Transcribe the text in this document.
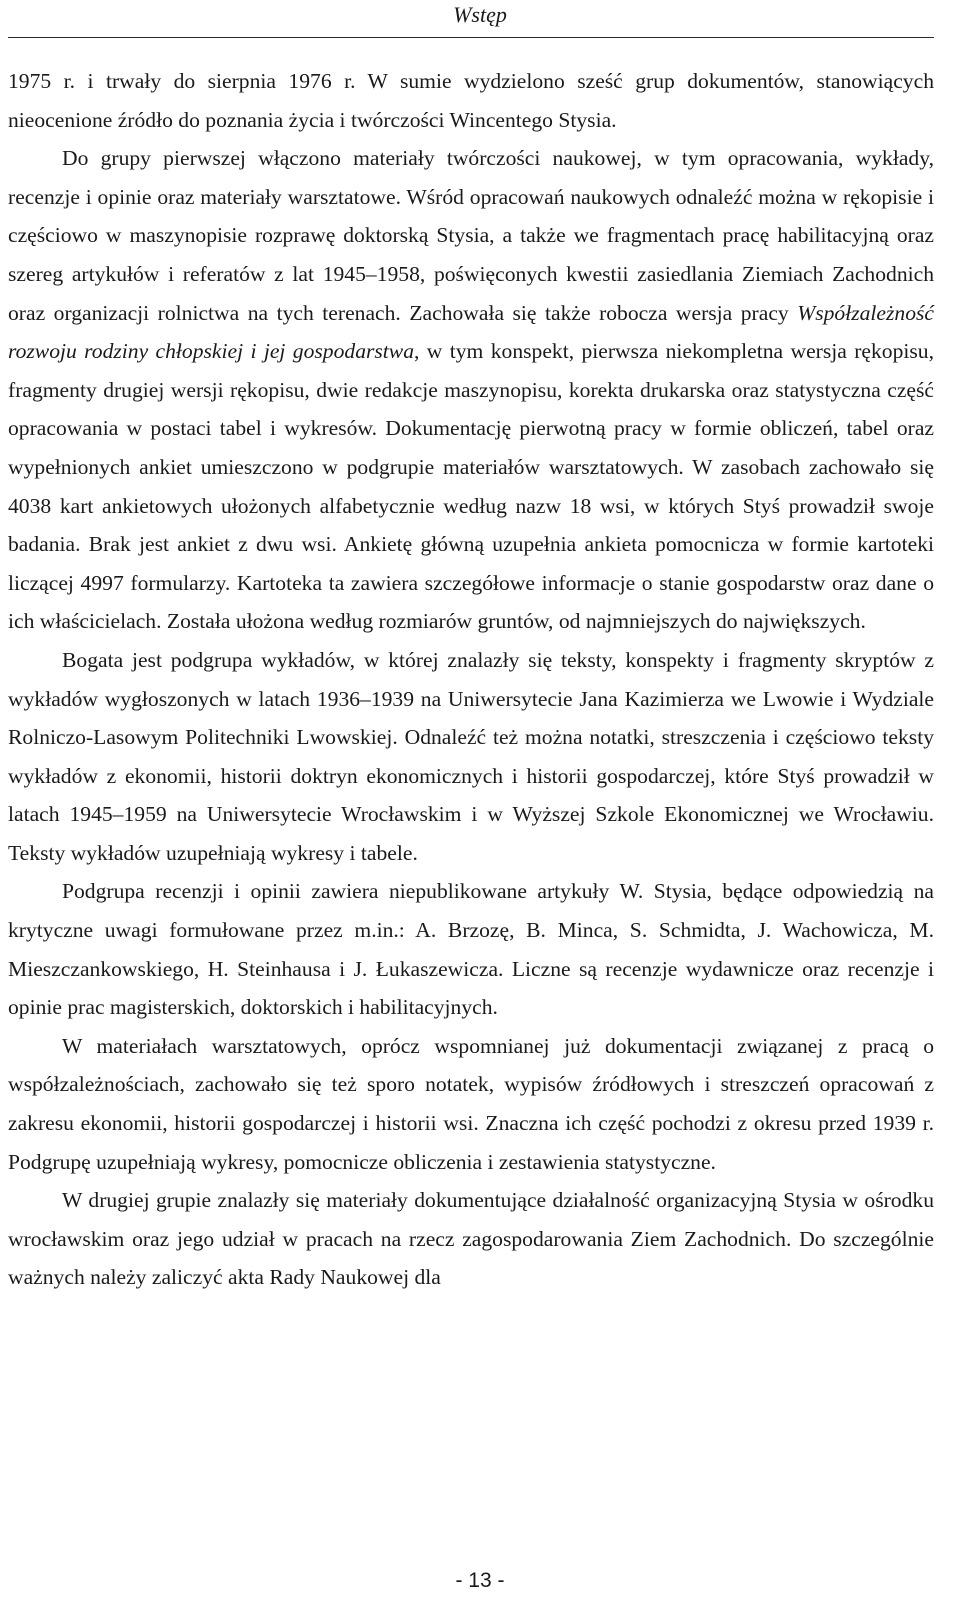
Wstęp

1975 r. i trwały do sierpnia 1976 r. W sumie wydzielono sześć grup dokumentów, stanowiących nieocenione źródło do poznania życia i twórczości Wincentego Stysia.

Do grupy pierwszej włączono materiały twórczości naukowej, w tym opracowania, wykłady, recenzje i opinie oraz materiały warsztatowe. Wśród opracowań naukowych odnaleźć można w rękopisie i częściowo w maszynopisie rozprawę doktorską Stysia, a także we fragmentach pracę habilitacyjną oraz szereg artykułów i referatów z lat 1945–1958, poświęconych kwestii zasiedlania Ziemiach Zachodnich oraz organizacji rolnictwa na tych terenach. Zachowała się także robocza wersja pracy Współzależność rozwoju rodziny chłopskiej i jej gospodarstwa, w tym konspekt, pierwsza niekompletna wersja rękopisu, fragmenty drugiej wersji rękopisu, dwie redakcje maszynopisu, korekta drukarska oraz statystyczna część opracowania w postaci tabel i wykresów. Dokumentację pierwotną pracy w formie obliczeń, tabel oraz wypełnionych ankiet umieszczono w podgrupie materiałów warsztatowych. W zasobach zachowało się 4038 kart ankietowych ułożonych alfabetycznie według nazw 18 wsi, w których Styś prowadził swoje badania. Brak jest ankiet z dwu wsi. Ankietę główną uzupełnia ankieta pomocnicza w formie kartoteki liczącej 4997 formularzy. Kartoteka ta zawiera szczegółowe informacje o stanie gospodarstw oraz dane o ich właścicielach. Została ułożona według rozmiarów gruntów, od najmniejszych do największych.

Bogata jest podgrupa wykładów, w której znalazły się teksty, konspekty i fragmenty skryptów z wykładów wygłoszonych w latach 1936–1939 na Uniwersytecie Jana Kazimierza we Lwowie i Wydziale Rolniczo-Lasowym Politechniki Lwowskiej. Odnaleźć też można notatki, streszczenia i częściowo teksty wykładów z ekonomii, historii doktryn ekonomicznych i historii gospodarczej, które Styś prowadził w latach 1945–1959 na Uniwersytecie Wrocławskim i w Wyższej Szkole Ekonomicznej we Wrocławiu. Teksty wykładów uzupełniają wykresy i tabele.

Podgrupa recenzji i opinii zawiera niepublikowane artykuły W. Stysia, będące odpowiedzią na krytyczne uwagi formułowane przez m.in.: A. Brzozę, B. Minca, S. Schmidta, J. Wachowicza, M. Mieszczankowskiego, H. Steinhausa i J. Łukaszewicza. Liczne są recenzje wydawnicze oraz recenzje i opinie prac magisterskich, doktorskich i habilitacyjnych.

W materiałach warsztatowych, oprócz wspomnianej już dokumentacji związanej z pracą o współzależnościach, zachowało się też sporo notatek, wypisów źródłowych i streszczeń opracowań z zakresu ekonomii, historii gospodarczej i historii wsi. Znaczna ich część pochodzi z okresu przed 1939 r. Podgrupę uzupełniają wykresy, pomocnicze obliczenia i zestawienia statystyczne.

W drugiej grupie znalazły się materiały dokumentujące działalność organizacyjną Stysia w ośrodku wrocławskim oraz jego udział w pracach na rzecz zagospodarowania Ziem Zachodnich. Do szczególnie ważnych należy zaliczyć akta Rady Naukowej dla

- 13 -
